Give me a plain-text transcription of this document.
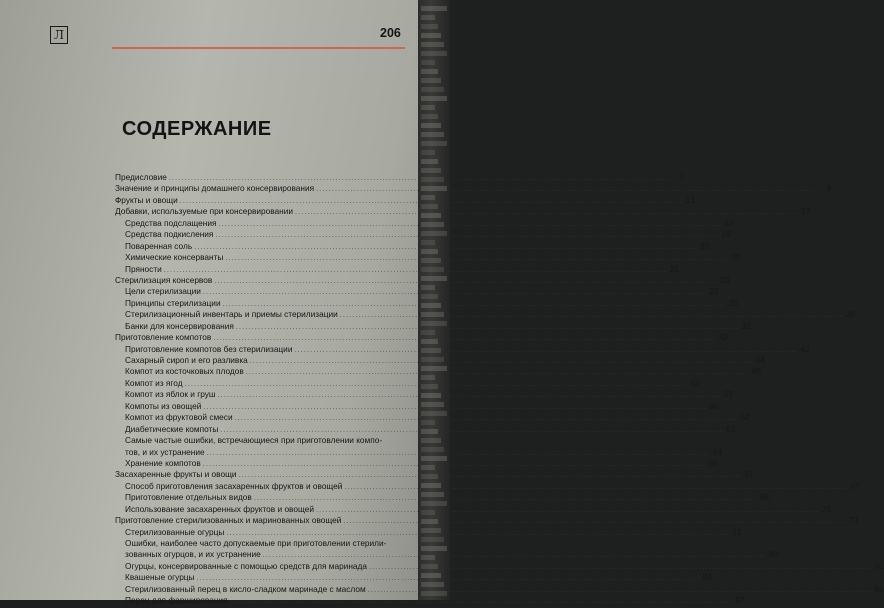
Л	206
СОДЕРЖАНИЕ
Предисловие .....	7
Значение и принципы домашнего консервирования .....	9
Фрукты и овощи .....	13
Добавки, используемые при консервировании .....	17
Средства подслащения .....	17
Средства подкисления .....	19
Поваренная соль .....	20
Химические консерванты .....	20
Пряности .....	21
Стерилизация консервов .....	23
Цели стерилизации .....	23
Принципы стерилизации .....	25
Стерилизационный инвентарь и приемы стерилизации .....	26
Банки для консервирования .....	32
Приготовление компотов .....	42
Приготовление компотов без стерилизации .....	42
Сахарный сироп и его разливка .....	44
Компот из косточковых плодов .....	46
Компот из ягод .....	52
Компот из яблок и груш .....	57
Компоты из овощей .....	60
Компот из фруктовой смеси .....	62
Диабетические компоты .....	63
Самые частые ошибки, встречающиеся при приготовлении компо-
тов, и их устранение .....	64
Хранение компотов .....	66
Засахаренные фрукты и овощи .....	67
Способ приготовления засахаренных фруктов и овощей .....	67
Приготовление отдельных видов .....	68
Использование засахаренных фруктов и овощей .....	70
Приготовление стерилизованных и маринованных овощей .....	71
Стерилизованные огурцы .....	71
Ошибки, наиболее часто допускаемые при приготовлении стерили-
зованных огурцов, и их устранение .....	80
Огурцы, консервированные с помощью средств для маринада .....	81
Квашеные огурцы .....	83
Стерилизованный перец в кисло-сладком маринаде с маслом .....	84
Перец для фарширования .....	87
